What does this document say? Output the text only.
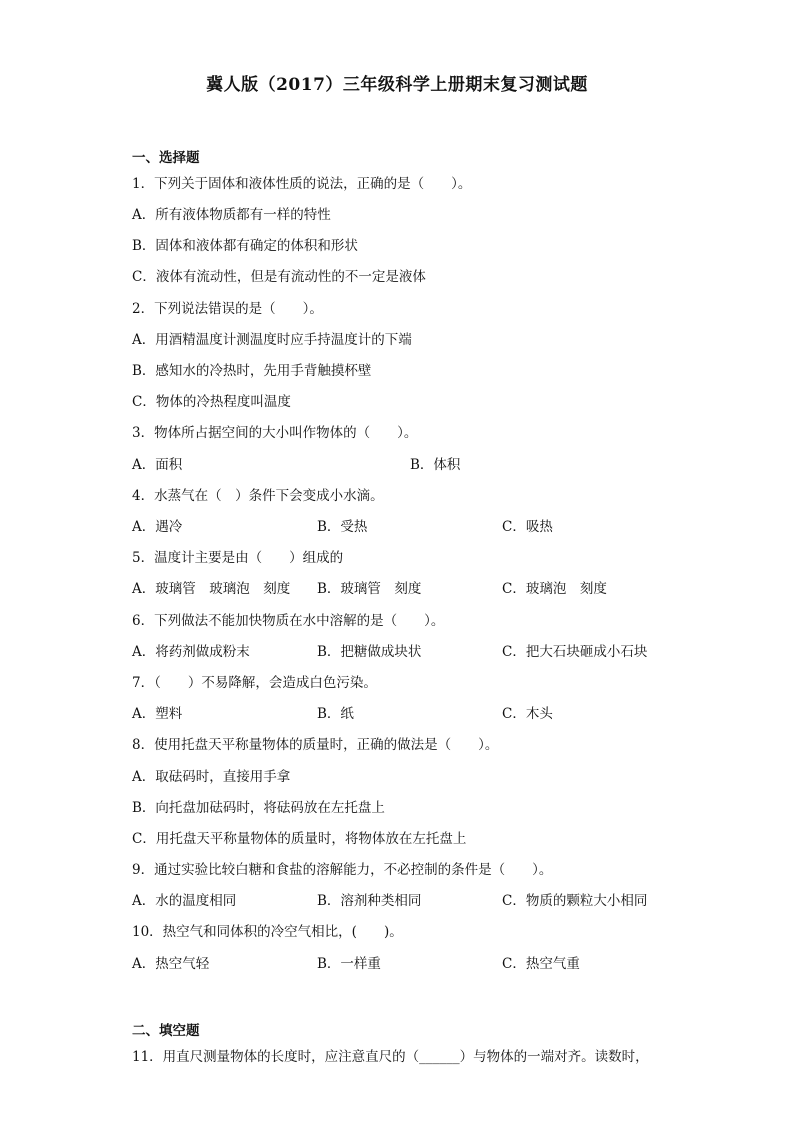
冀人版（2017）三年级科学上册期末复习测试题
一、选择题
1．下列关于固体和液体性质的说法，正确的是（　　）。
A．所有液体物质都有一样的特性
B．固体和液体都有确定的体积和形状
C．液体有流动性，但是有流动性的不一定是液体
2．下列说法错误的是（　　）。
A．用酒精温度计测温度时应手持温度计的下端
B．感知水的冷热时，先用手背触摸杯壁
C．物体的冷热程度叫温度
3．物体所占据空间的大小叫作物体的（　　）。
A．面积	B．体积
4．水蒸气在（　）条件下会变成小水滴。
A．遇冷	B．受热	C．吸热
5．温度计主要是由（　　）组成的
A．玻璃管　玻璃泡　刻度 B．玻璃管　刻度	C．玻璃泡　刻度
6．下列做法不能加快物质在水中溶解的是（　　）。
A．将药剂做成粉末	B．把糖做成块状	C．把大石块砸成小石块
7．（　　）不易降解，会造成白色污染。
A．塑料	B．纸	C．木头
8．使用托盘天平称量物体的质量时，正确的做法是（　　）。
A．取砝码时，直接用手拿
B．向托盘加砝码时，将砝码放在左托盘上
C．用托盘天平称量物体的质量时，将物体放在左托盘上
9．通过实验比较白糖和食盐的溶解能力，不必控制的条件是（　　）。
A．水的温度相同	B．溶剂种类相同	C．物质的颗粒大小相同
10．热空气和同体积的冷空气相比，(　　)。
A．热空气轻	B．一样重	C．热空气重
二、填空题
11．用直尺测量物体的长度时，应注意直尺的（______）与物体的一端对齐。读数时，
